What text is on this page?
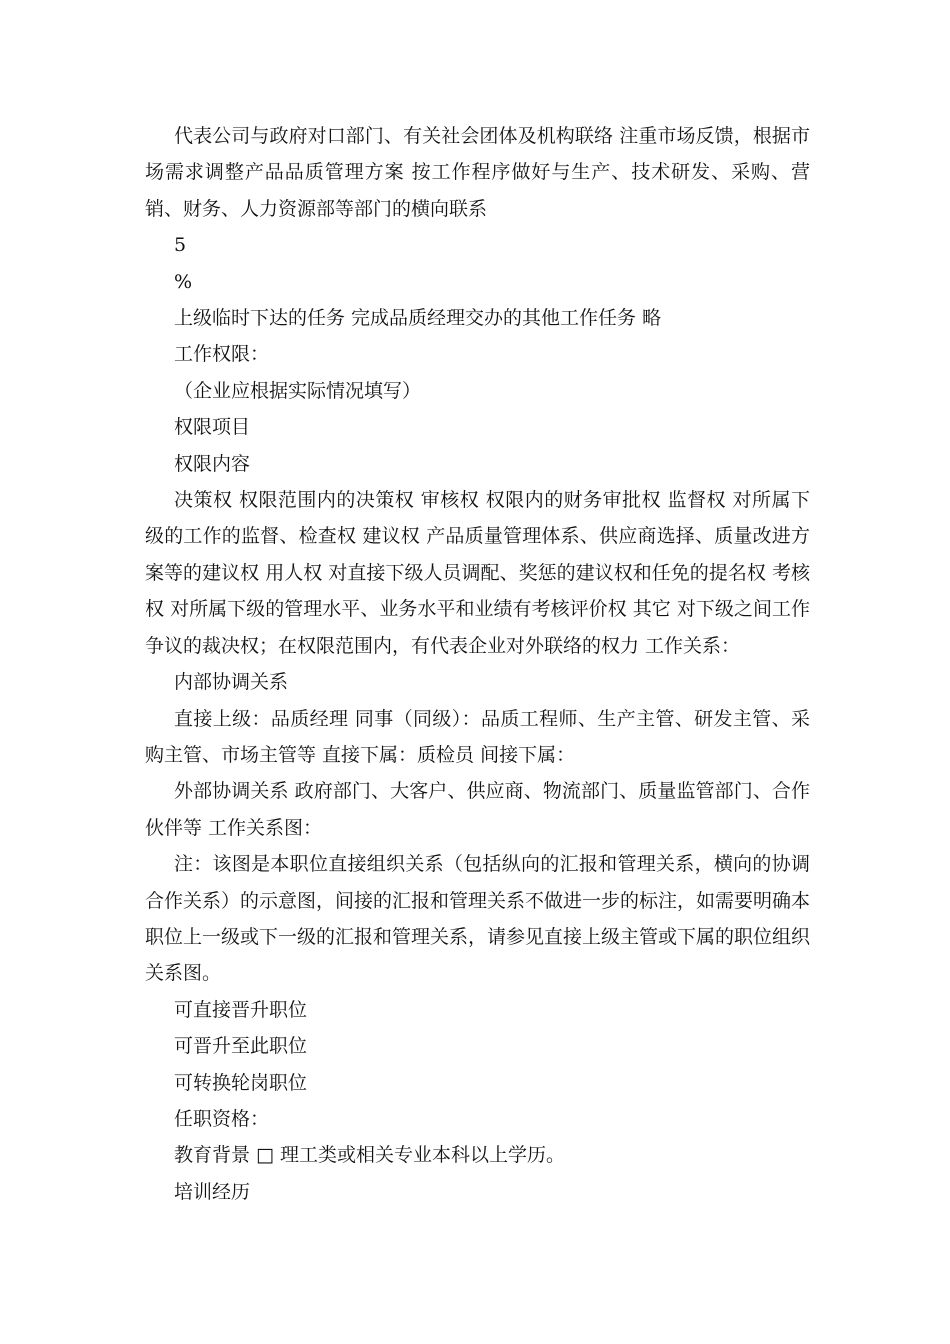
代表公司与政府对口部门、有关社会团体及机构联络 注重市场反馈，根据市场需求调整产品品质管理方案 按工作程序做好与生产、技术研发、采购、营销、财务、人力资源部等部门的横向联系

5

%

上级临时下达的任务 完成品质经理交办的其他工作任务 略

工作权限：

（企业应根据实际情况填写）

权限项目

权限内容

决策权 权限范围内的决策权 审核权 权限内的财务审批权 监督权 对所属下级的工作的监督、检查权 建议权 产品质量管理体系、供应商选择、质量改进方案等的建议权 用人权 对直接下级人员调配、奖惩的建议权和任免的提名权 考核权 对所属下级的管理水平、业务水平和业绩有考核评价权 其它 对下级之间工作争议的裁决权；在权限范围内，有代表企业对外联络的权力 工作关系：

内部协调关系

直接上级：品质经理 同事（同级）：品质工程师、生产主管、研发主管、采购主管、市场主管等 直接下属：质检员 间接下属：

外部协调关系 政府部门、大客户、供应商、物流部门、质量监管部门、合作伙伴等 工作关系图：

注：该图是本职位直接组织关系（包括纵向的汇报和管理关系，横向的协调合作关系）的示意图，间接的汇报和管理关系不做进一步的标注，如需要明确本职位上一级或下一级的汇报和管理关系，请参见直接上级主管或下属的职位组织关系图。

可直接晋升职位

可晋升至此职位

可转换轮岗职位

任职资格：

教育背景 □ 理工类或相关专业本科以上学历。

培训经历
